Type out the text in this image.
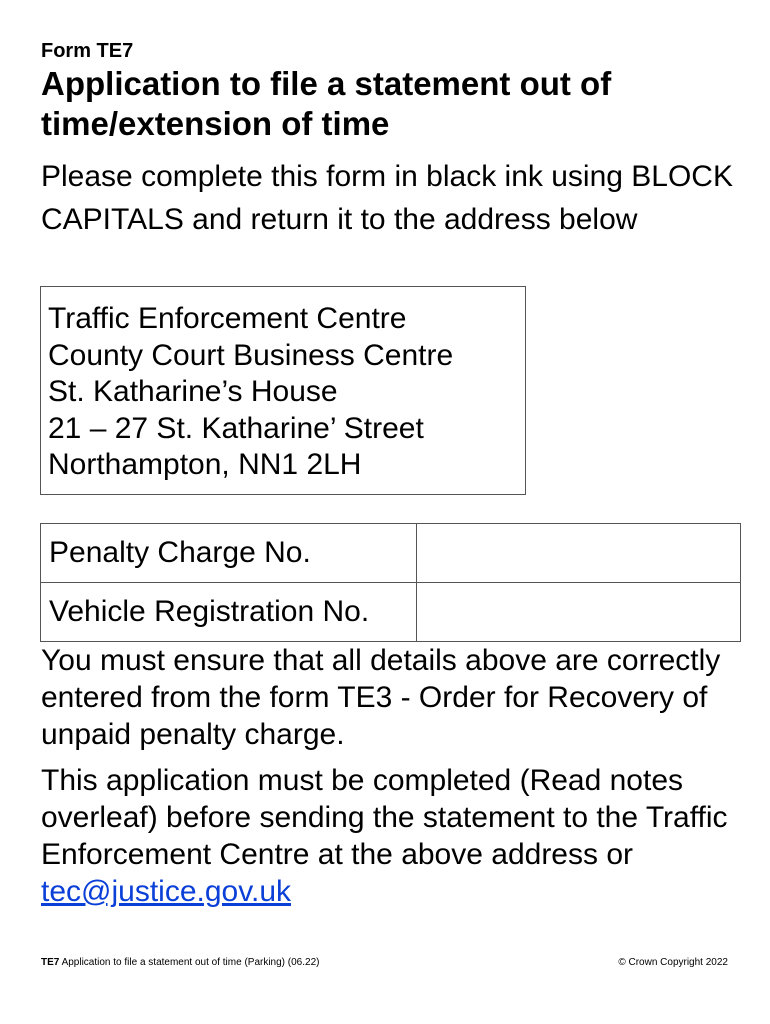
Form TE7
Application to file a statement out of time/extension of time

Please complete this form in black ink using BLOCK CAPITALS and return it to the address below

Traffic Enforcement Centre
County Court Business Centre
St. Katharine’s House
21 – 27 St. Katharine’ Street
Northampton, NN1 2LH
Penalty Charge No.	
Vehicle Registration No.	

You must ensure that all details above are correctly entered from the form TE3 - Order for Recovery of unpaid penalty charge.

This application must be completed (Read notes overleaf) before sending the statement to the Traffic Enforcement Centre at the above address or tec@justice.gov.uk

TE7 Application to file a statement out of time (Parking) (06.22)	© Crown Copyright 2022
